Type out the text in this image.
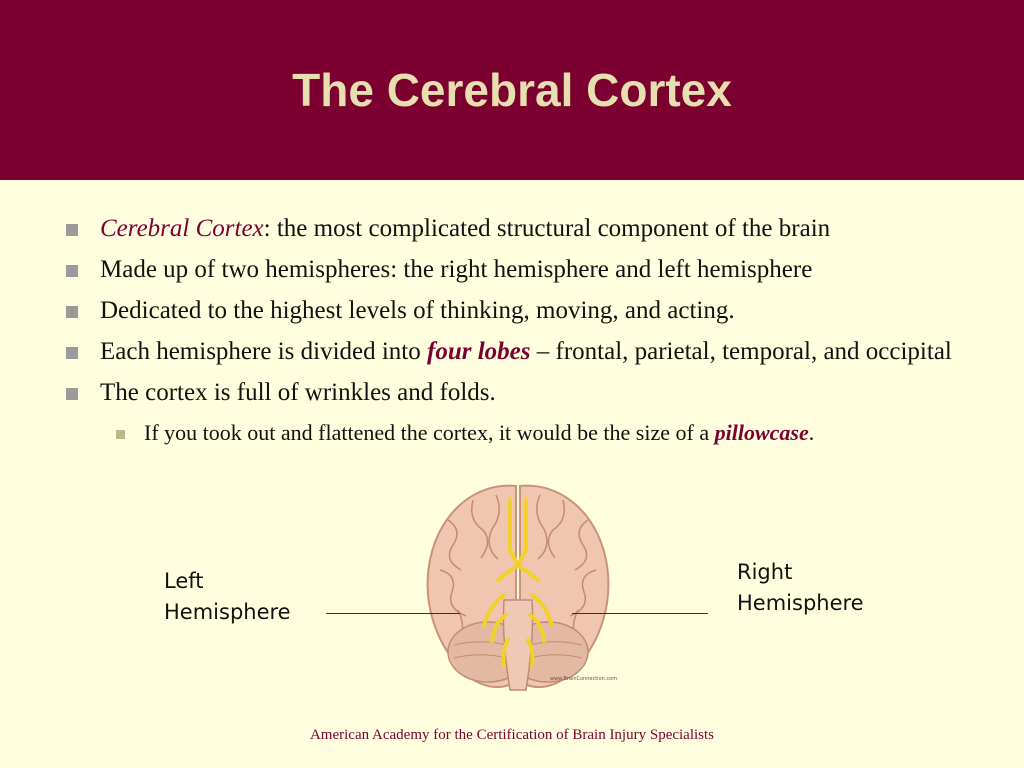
The Cerebral Cortex
Cerebral Cortex: the most complicated structural component of the brain
Made up of two hemispheres: the right hemisphere and left hemisphere
Dedicated to the highest levels of thinking, moving, and acting.
Each hemisphere is divided into four lobes – frontal, parietal, temporal, and occipital
The cortex is full of wrinkles and folds.
If you took out and flattened the cortex, it would be the size of a pillowcase.
www.BrainConnection.com
Left Hemisphere
Right Hemisphere
American Academy for the Certification of Brain Injury Specialists
